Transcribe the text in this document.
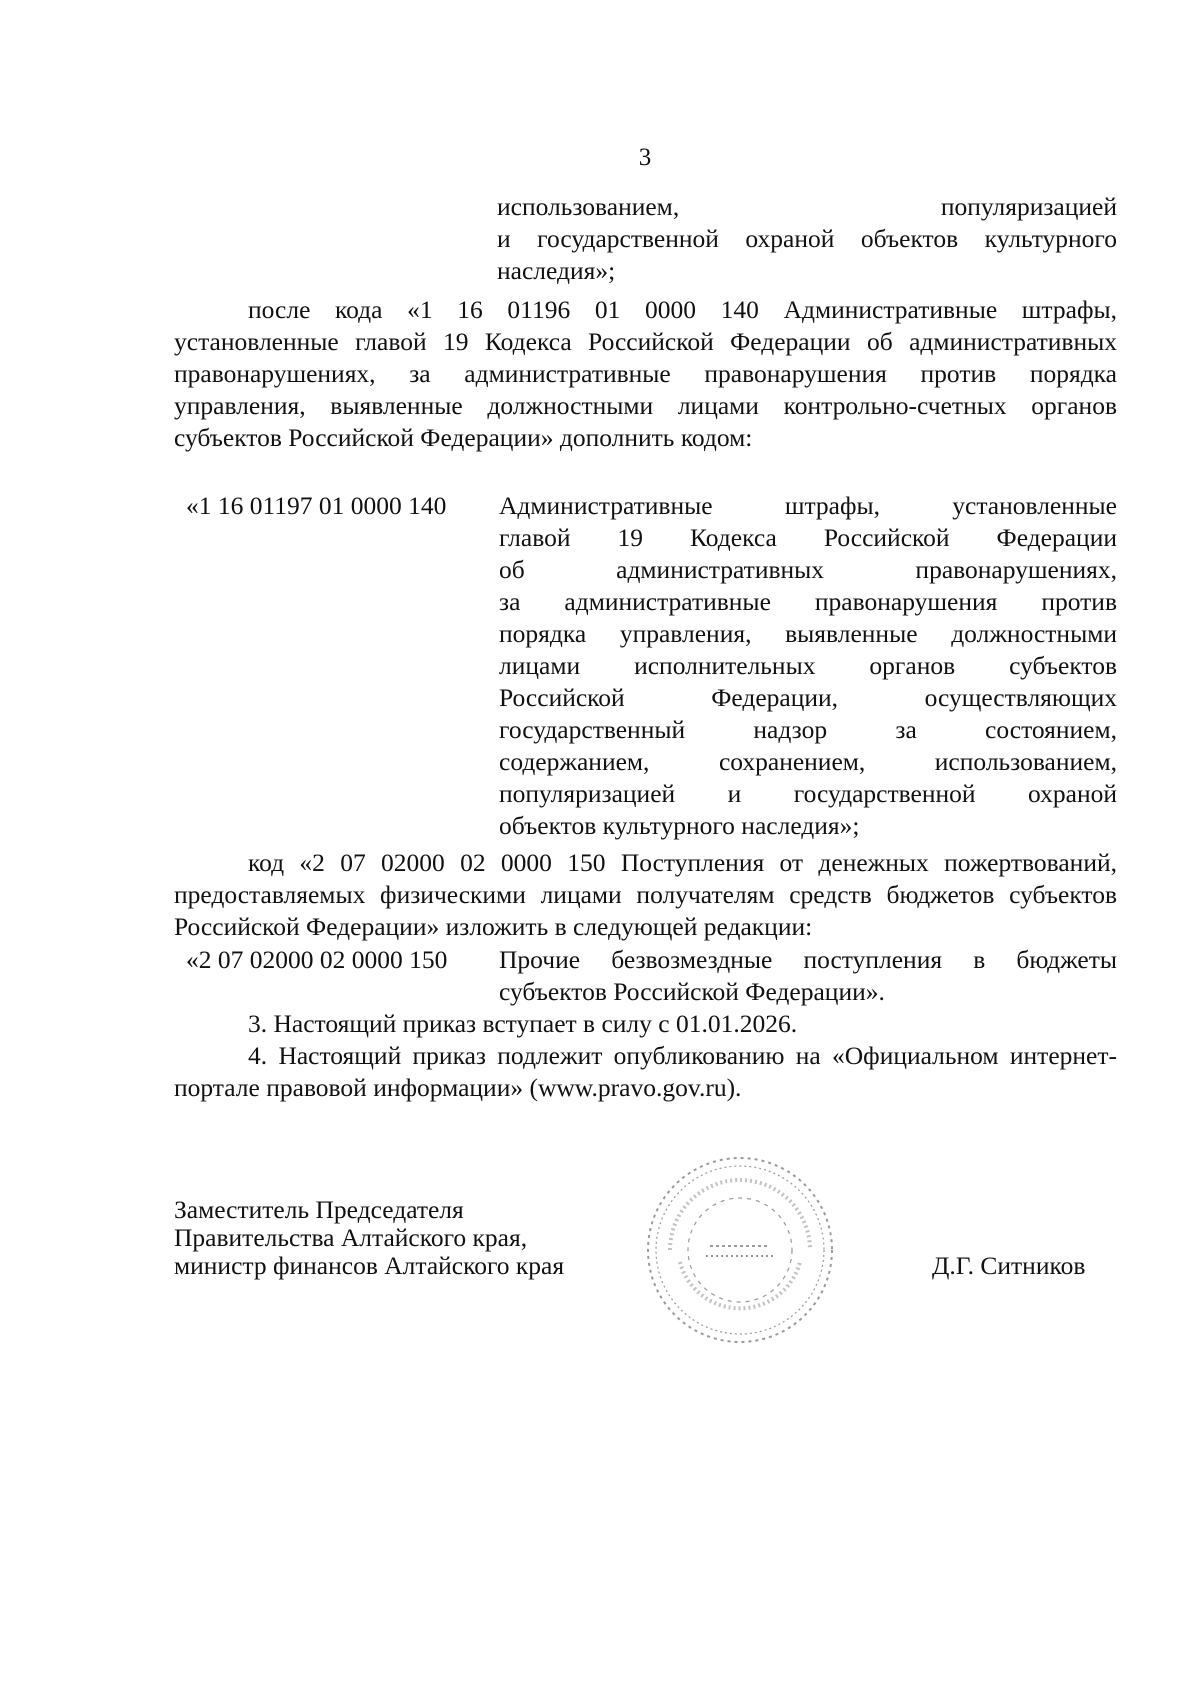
3
использованием, популяризацией
и государственной охраной объектов культурного
наследия»;
после кода «1 16 01196 01 0000 140 Административные штрафы, установленные главой 19 Кодекса Российской Федерации об административных правонарушениях, за административные правонарушения против порядка управления, выявленные должностными лицами контрольно-счетных органов субъектов Российской Федерации» дополнить кодом:
«1 16 01197 01 0000 140 Административные штрафы, установленные
главой 19 Кодекса Российской Федерации
об административных правонарушениях,
за административные правонарушения против
порядка управления, выявленные должностными
лицами исполнительных органов субъектов
Российской Федерации, осуществляющих
государственный надзор за состоянием,
содержанием, сохранением, использованием,
популяризацией и государственной охраной
объектов культурного наследия»;
код «2 07 02000 02 0000 150 Поступления от денежных пожертвований, предоставляемых физическими лицами получателям средств бюджетов субъектов Российской Федерации» изложить в следующей редакции:
«2 07 02000 02 0000 150 Прочие безвозмездные поступления в бюджеты
субъектов Российской Федерации».
3. Настоящий приказ вступает в силу с 01.01.2026.
4. Настоящий приказ подлежит опубликованию на «Официальном интернет-портале правовой информации» (www.pravo.gov.ru).
Заместитель Председателя
Правительства Алтайского края,
министр финансов Алтайского края	Д.Г. Ситников
